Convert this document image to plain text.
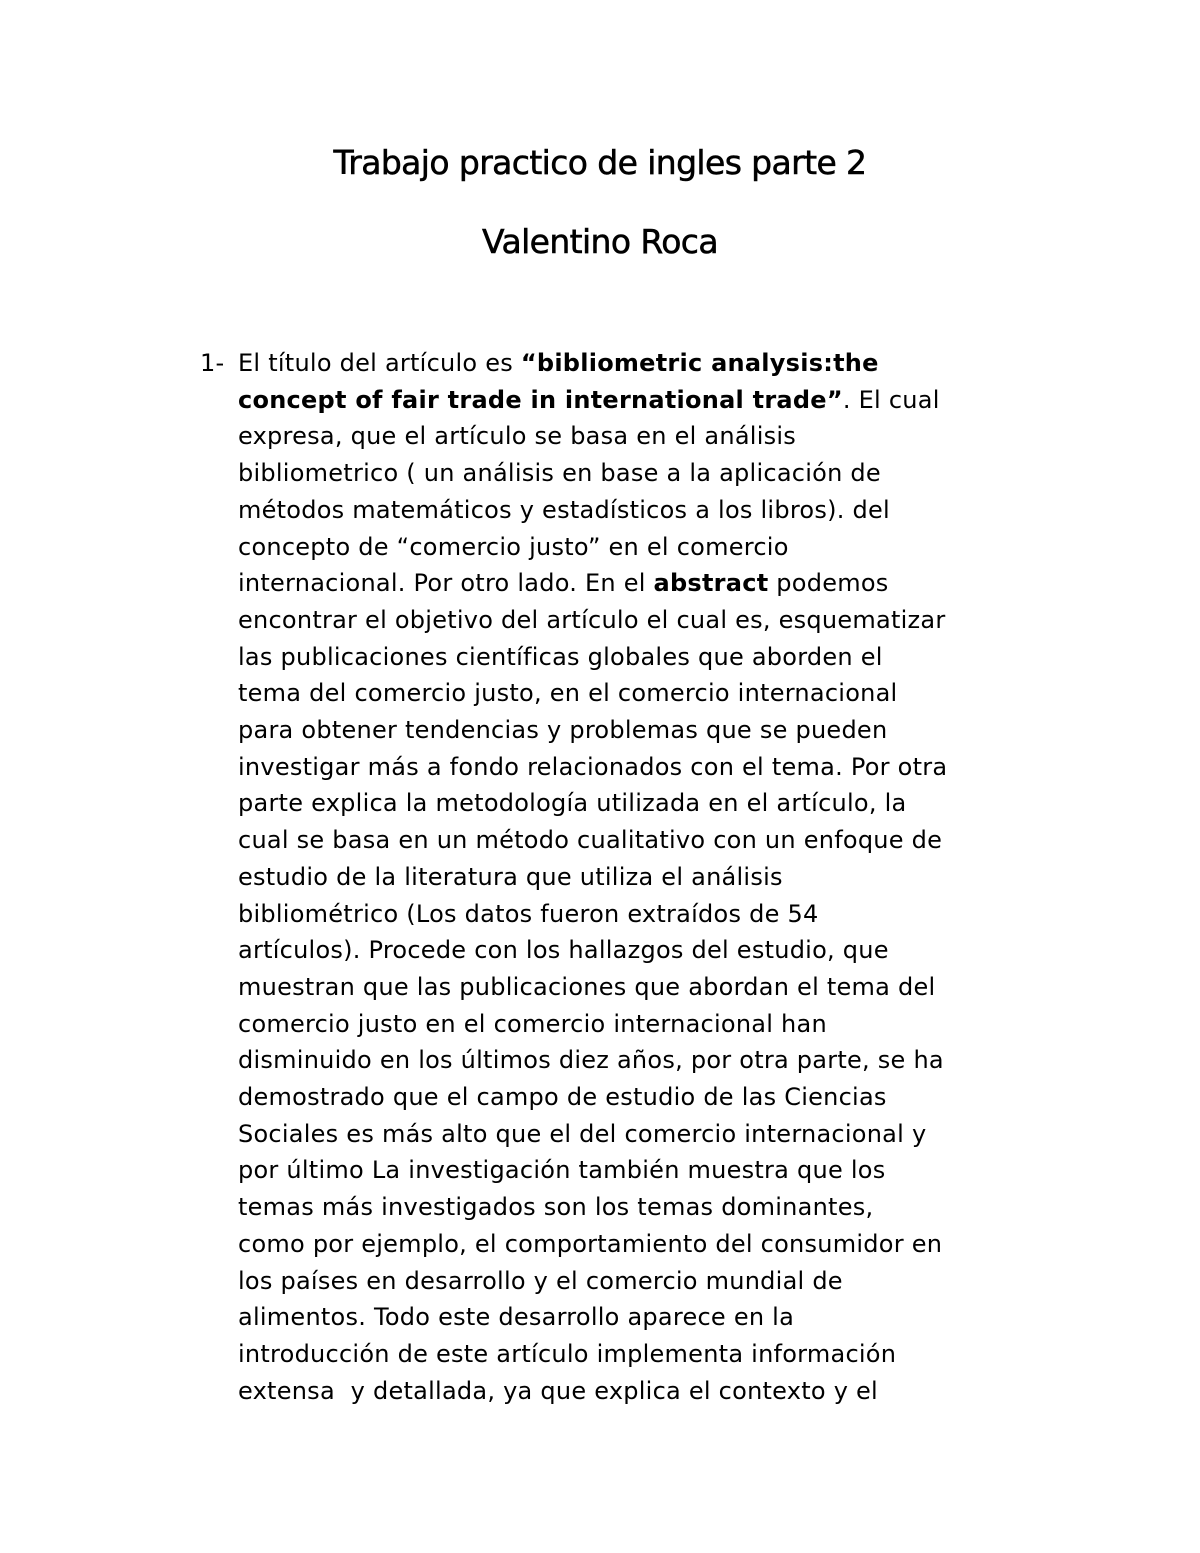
Trabajo practico de ingles parte 2
Valentino Roca
1- El título del artículo es “bibliometric analysis:the
concept of fair trade in international trade”. El cual
expresa, que el artículo se basa en el análisis
bibliometrico ( un análisis en base a la aplicación de
métodos matemáticos y estadísticos a los libros). del
concepto de “comercio justo” en el comercio
internacional. Por otro lado. En el abstract podemos
encontrar el objetivo del artículo el cual es, esquematizar
las publicaciones científicas globales que aborden el
tema del comercio justo, en el comercio internacional
para obtener tendencias y problemas que se pueden
investigar más a fondo relacionados con el tema. Por otra
parte explica la metodología utilizada en el artículo, la
cual se basa en un método cualitativo con un enfoque de
estudio de la literatura que utiliza el análisis
bibliométrico (Los datos fueron extraídos de 54
artículos). Procede con los hallazgos del estudio, que
muestran que las publicaciones que abordan el tema del
comercio justo en el comercio internacional han
disminuido en los últimos diez años, por otra parte, se ha
demostrado que el campo de estudio de las Ciencias
Sociales es más alto que el del comercio internacional y
por último La investigación también muestra que los
temas más investigados son los temas dominantes,
como por ejemplo, el comportamiento del consumidor en
los países en desarrollo y el comercio mundial de
alimentos. Todo este desarrollo aparece en la
introducción de este artículo implementa información
extensa  y detallada, ya que explica el contexto y el
